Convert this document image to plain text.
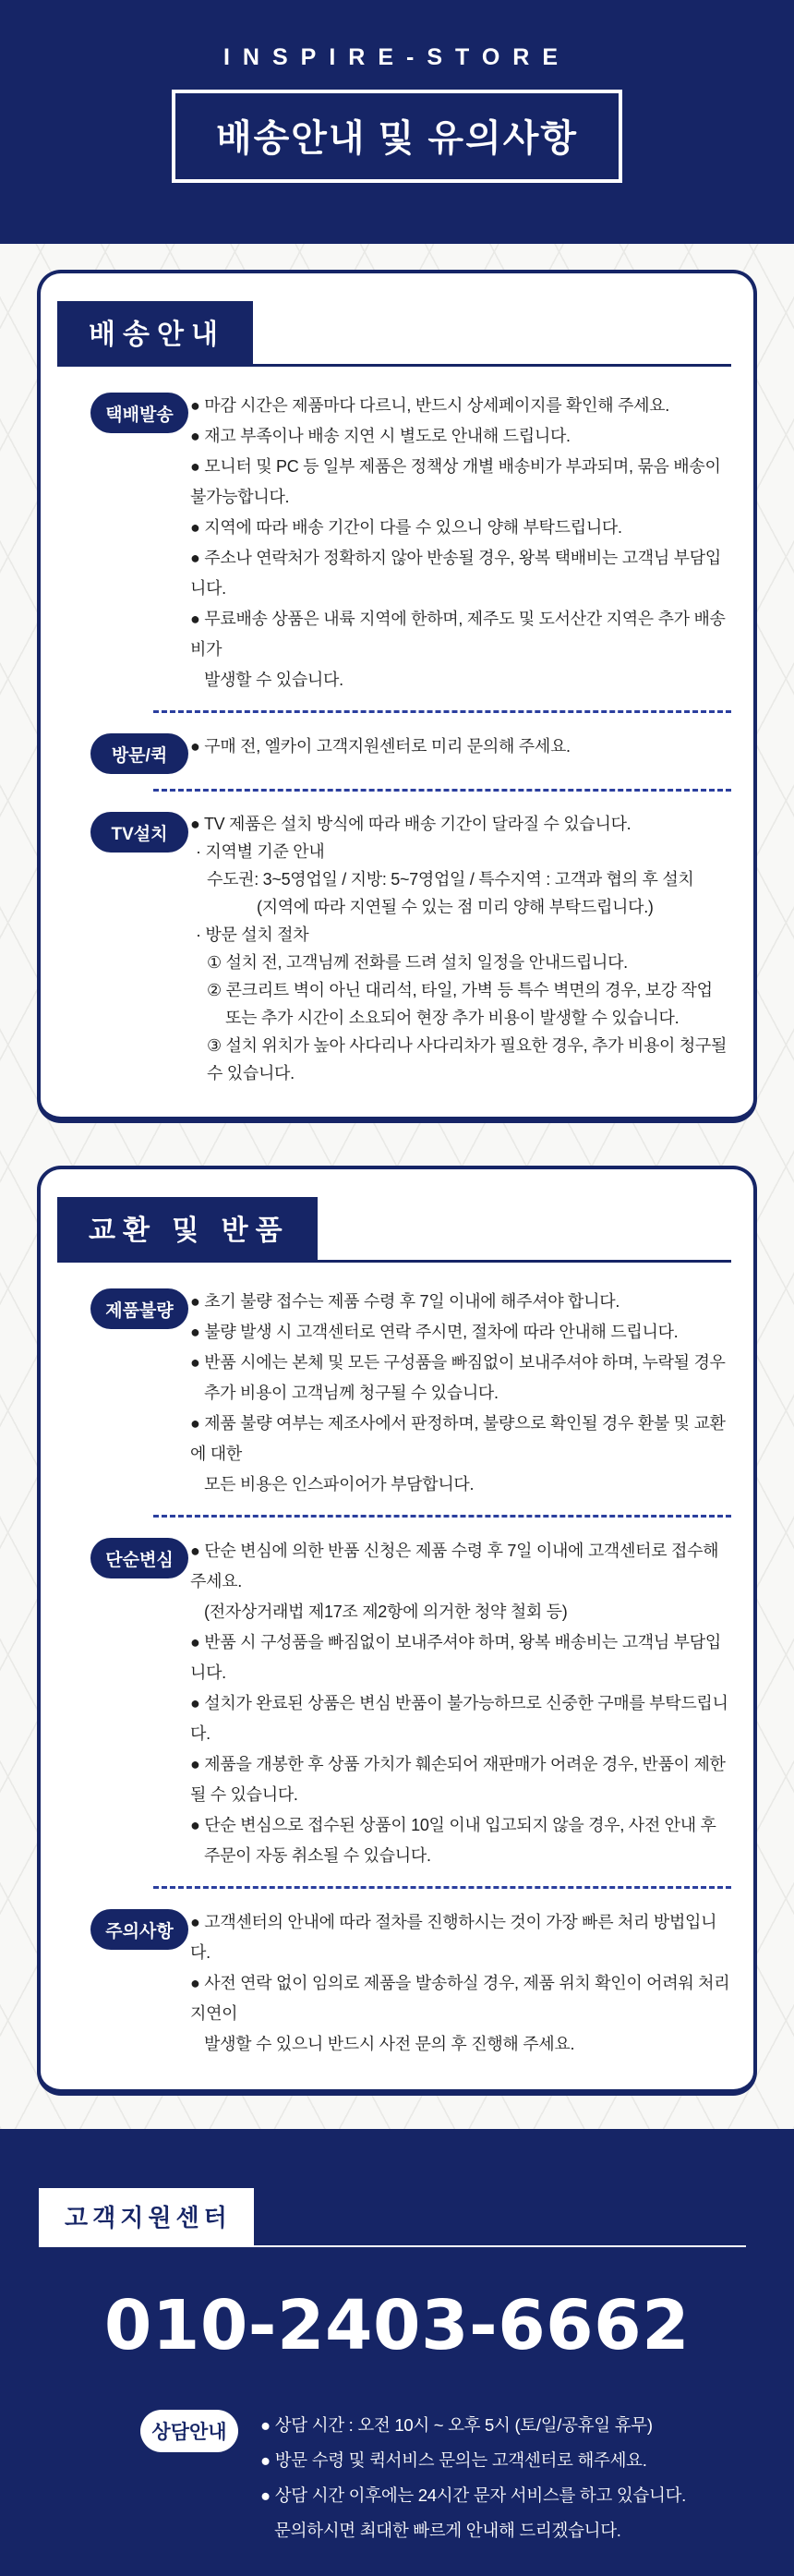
INSPIRE-STORE
배송안내 및 유의사항
배송안내
택배발송	● 마감 시간은 제품마다 다르니, 반드시 상세페이지를 확인해 주세요.
● 재고 부족이나 배송 지연 시 별도로 안내해 드립니다.
● 모니터 및 PC 등 일부 제품은 정책상 개별 배송비가 부과되며, 묶음 배송이 불가능합니다.
● 지역에 따라 배송 기간이 다를 수 있으니 양해 부탁드립니다.
● 주소나 연락처가 정확하지 않아 반송될 경우, 왕복 택배비는 고객님 부담입니다.
● 무료배송 상품은 내륙 지역에 한하며, 제주도 및 도서산간 지역은 추가 배송비가
발생할 수 있습니다.
방문/퀵	● 구매 전, 엘카이 고객지원센터로 미리 문의해 주세요.
TV설치
● TV 제품은 설치 방식에 따라 배송 기간이 달라질 수 있습니다.
· 지역별 기준 안내
수도권: 3~5영업일 / 지방: 5~7영업일 / 특수지역 : 고객과 협의 후 설치
(지역에 따라 지연될 수 있는 점 미리 양해 부탁드립니다.)
· 방문 설치 절차
① 설치 전, 고객님께 전화를 드려 설치 일정을 안내드립니다.
② 콘크리트 벽이 아닌 대리석, 타일, 가벽 등 특수 벽면의 경우, 보강 작업
또는 추가 시간이 소요되어 현장 추가 비용이 발생할 수 있습니다.
③ 설치 위치가 높아 사다리나 사다리차가 필요한 경우, 추가 비용이 청구될 수 있습니다.
교환 및 반품
제품불량	● 초기 불량 접수는 제품 수령 후 7일 이내에 해주셔야 합니다.
● 불량 발생 시 고객센터로 연락 주시면, 절차에 따라 안내해 드립니다.
● 반품 시에는 본체 및 모든 구성품을 빠짐없이 보내주셔야 하며, 누락될 경우
추가 비용이 고객님께 청구될 수 있습니다.
● 제품 불량 여부는 제조사에서 판정하며, 불량으로 확인될 경우 환불 및 교환에 대한
모든 비용은 인스파이어가 부담합니다.
단순변심	● 단순 변심에 의한 반품 신청은 제품 수령 후 7일 이내에 고객센터로 접수해 주세요.
(전자상거래법 제17조 제2항에 의거한 청약 철회 등)
● 반품 시 구성품을 빠짐없이 보내주셔야 하며, 왕복 배송비는 고객님 부담입니다.
● 설치가 완료된 상품은 변심 반품이 불가능하므로 신중한 구매를 부탁드립니다.
● 제품을 개봉한 후 상품 가치가 훼손되어 재판매가 어려운 경우, 반품이 제한될 수 있습니다.
● 단순 변심으로 접수된 상품이 10일 이내 입고되지 않을 경우, 사전 안내 후
주문이 자동 취소될 수 있습니다.
주의사항	● 고객센터의 안내에 따라 절차를 진행하시는 것이 가장 빠른 처리 방법입니다.
● 사전 연락 없이 임의로 제품을 발송하실 경우, 제품 위치 확인이 어려워 처리 지연이
발생할 수 있으니 반드시 사전 문의 후 진행해 주세요.
고객지원센터
010-2403-6662
상담안내	● 상담 시간 : 오전 10시 ~ 오후 5시 (토/일/공휴일 휴무)
● 방문 수령 및 퀵서비스 문의는 고객센터로 해주세요.
● 상담 시간 이후에는 24시간 문자 서비스를 하고 있습니다.
문의하시면 최대한 빠르게 안내해 드리겠습니다.
